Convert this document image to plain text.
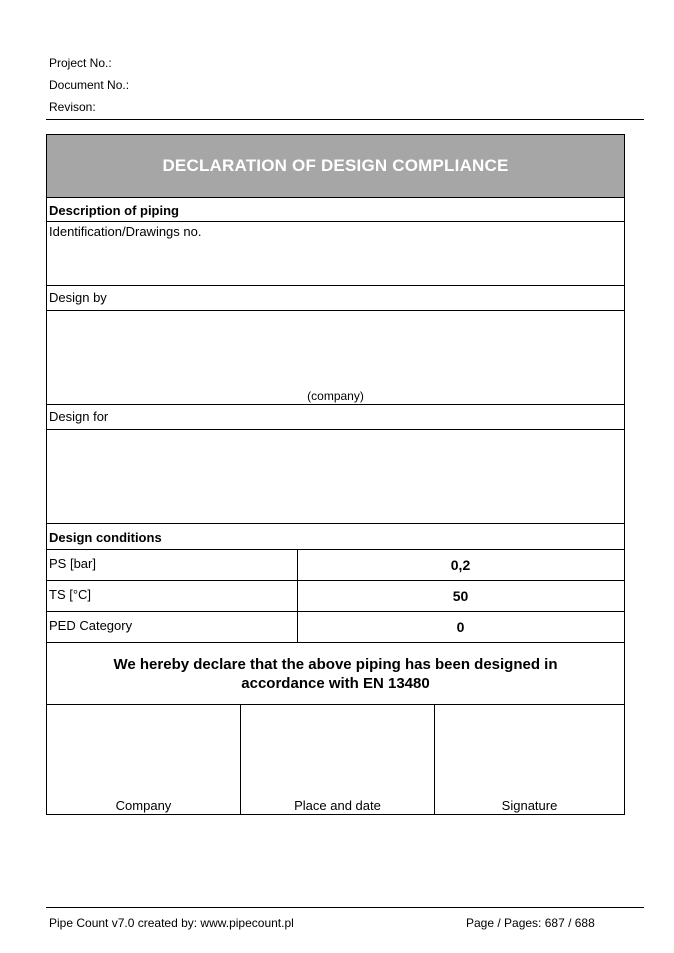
Project No.:
Document No.:
Revison:
DECLARATION OF DESIGN COMPLIANCE
Description of piping
Identification/Drawings no.
Design by
(company)
Design for
Design conditions
PS [bar]	0,2
TS [°C]	50
PED Category	0
We hereby declare that the above piping has been designed in
accordance with EN 13480
Company	Place and date	Signature
Pipe Count v7.0 created by: www.pipecount.pl	Page / Pages: 687 / 688
